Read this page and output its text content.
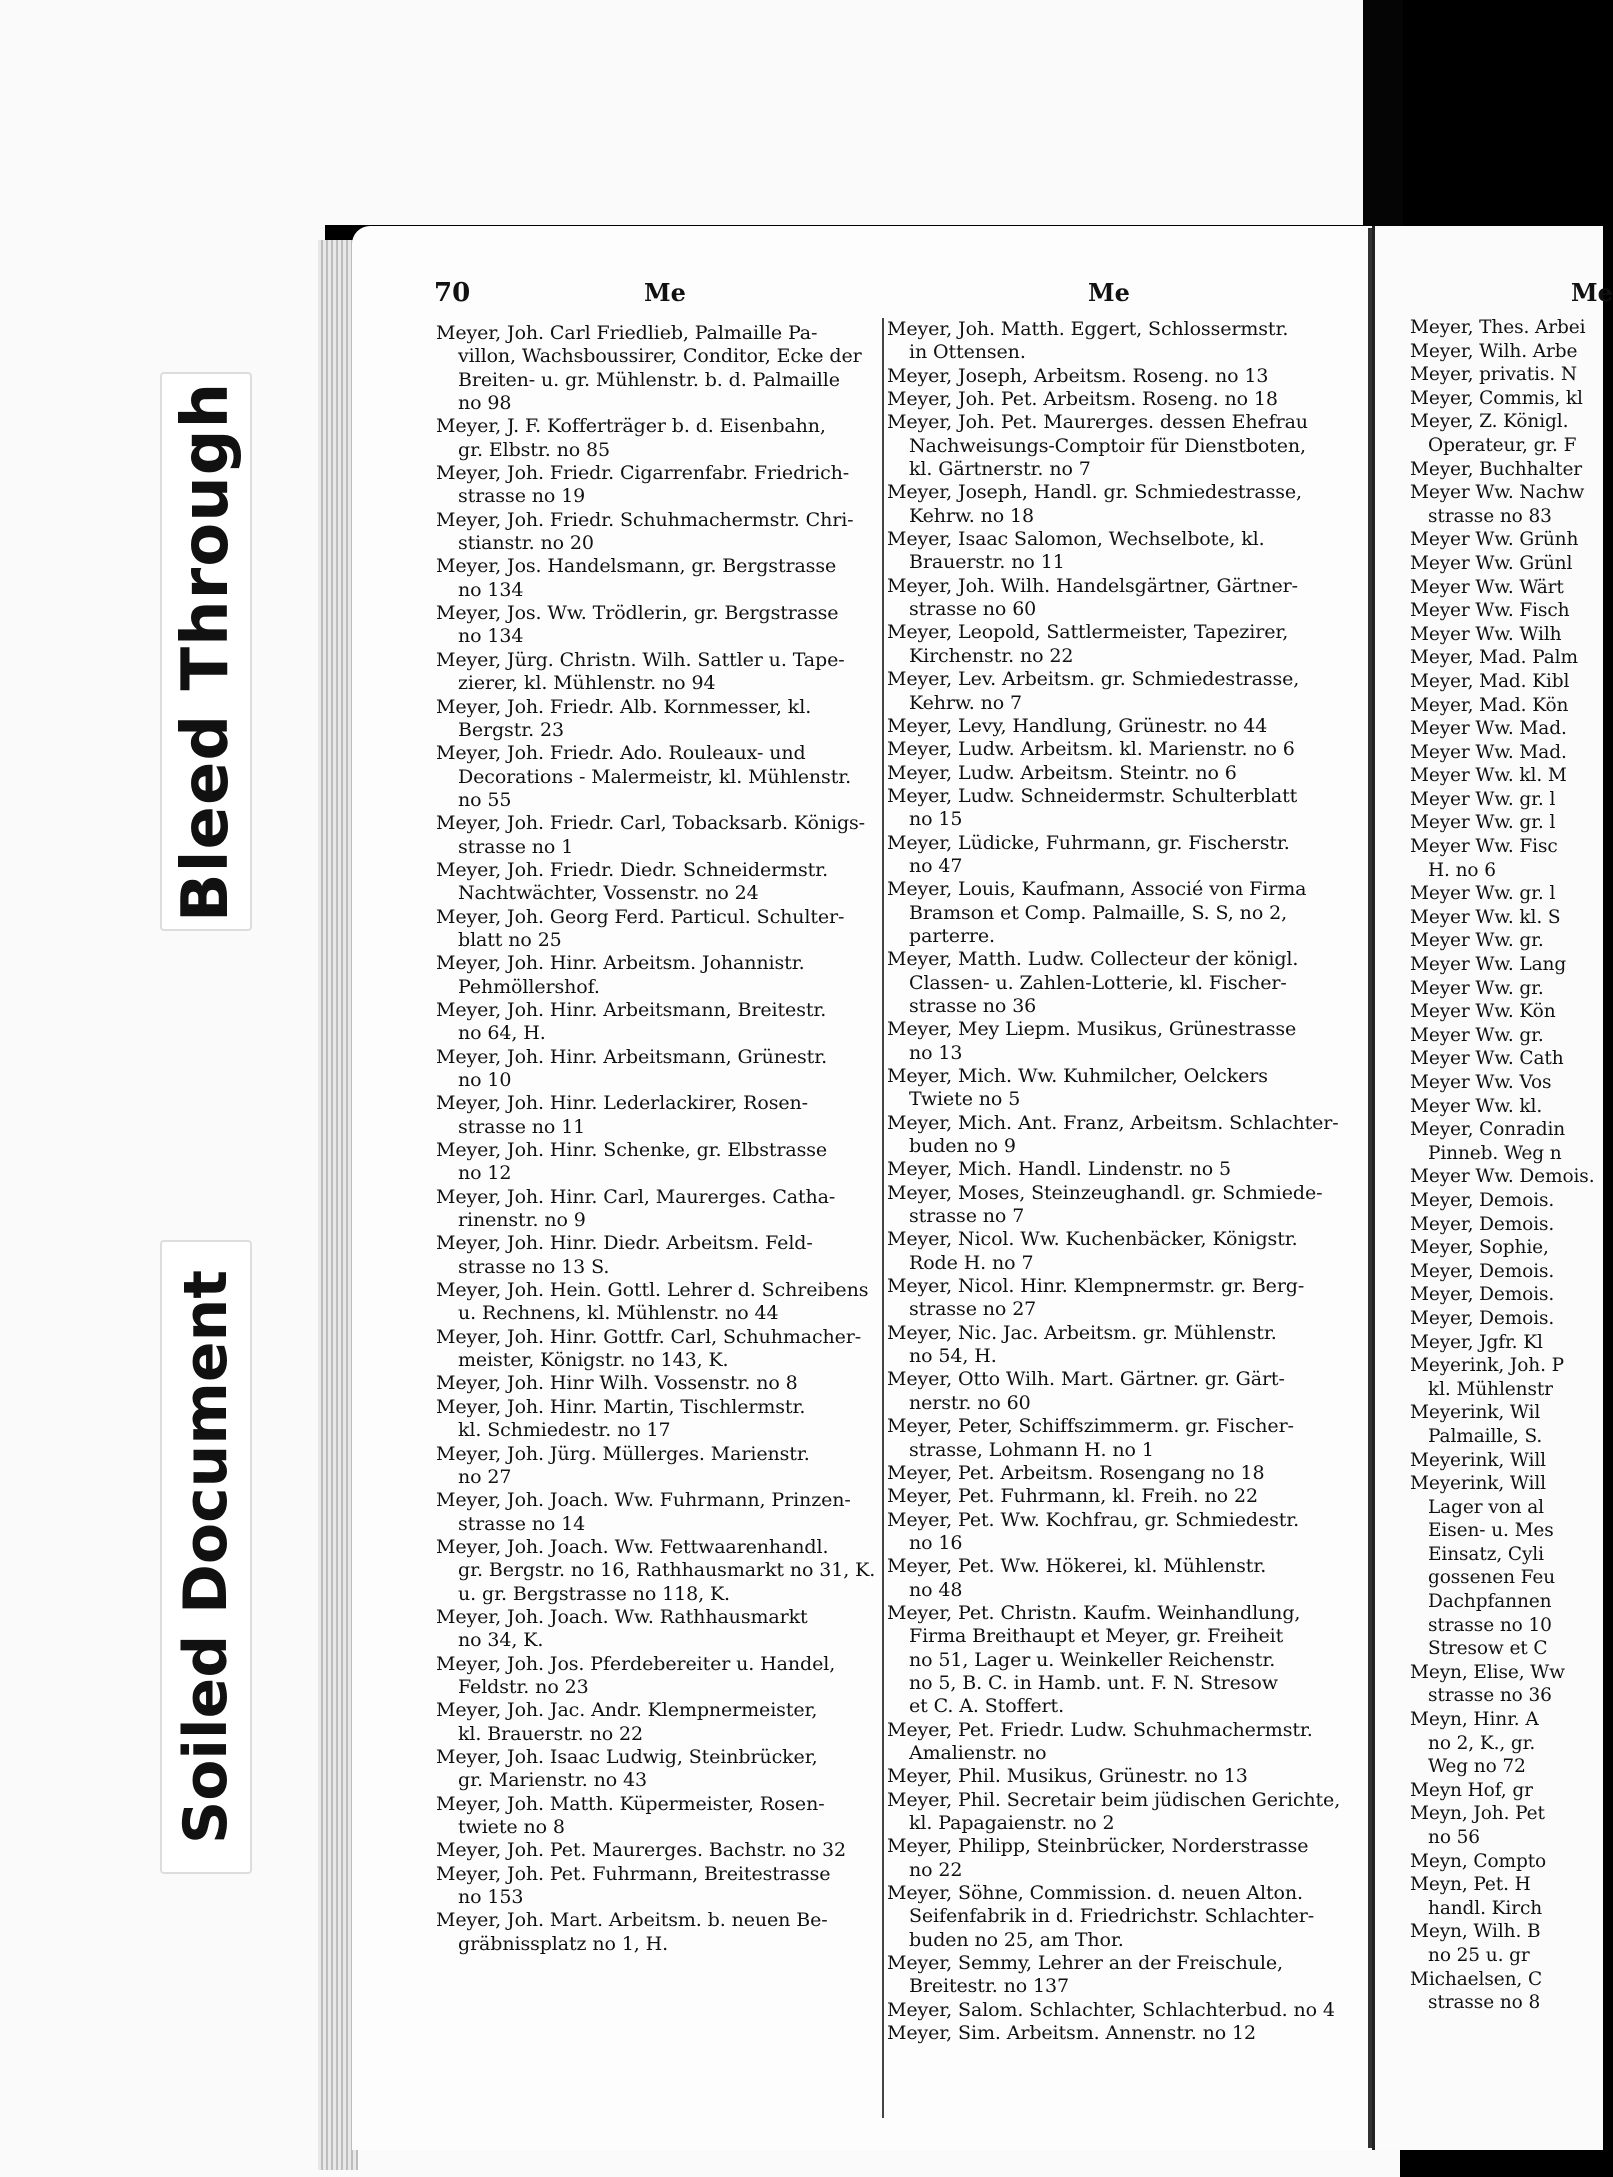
Bleed Through
Soiled Document
70	Me	Me	Me
Meyer, Joh. Carl Friedlieb, Palmaille Pa-
villon, Wachsboussirer, Conditor, Ecke der
Breiten- u. gr. Mühlenstr. b. d. Palmaille
no 98
Meyer, J. F. Kofferträger b. d. Eisenbahn,
gr. Elbstr. no 85
Meyer, Joh. Friedr. Cigarrenfabr. Friedrich-
strasse no 19
Meyer, Joh. Friedr. Schuhmachermstr. Chri-
stianstr. no 20
Meyer, Jos. Handelsmann, gr. Bergstrasse
no 134
Meyer, Jos. Ww. Trödlerin, gr. Bergstrasse
no 134
Meyer, Jürg. Christn. Wilh. Sattler u. Tape-
zierer, kl. Mühlenstr. no 94
Meyer, Joh. Friedr. Alb. Kornmesser, kl.
Bergstr. 23
Meyer, Joh. Friedr. Ado. Rouleaux- und
Decorations - Malermeistr, kl. Mühlenstr.
no 55
Meyer, Joh. Friedr. Carl, Tobacksarb. Königs-
strasse no 1
Meyer, Joh. Friedr. Diedr. Schneidermstr.
Nachtwächter, Vossenstr. no 24
Meyer, Joh. Georg Ferd. Particul. Schulter-
blatt no 25
Meyer, Joh. Hinr. Arbeitsm. Johannistr.
Pehmöllershof.
Meyer, Joh. Hinr. Arbeitsmann, Breitestr.
no 64, H.
Meyer, Joh. Hinr. Arbeitsmann, Grünestr.
no 10
Meyer, Joh. Hinr. Lederlackirer, Rosen-
strasse no 11
Meyer, Joh. Hinr. Schenke, gr. Elbstrasse
no 12
Meyer, Joh. Hinr. Carl, Maurerges. Catha-
rinenstr. no 9
Meyer, Joh. Hinr. Diedr. Arbeitsm. Feld-
strasse no 13 S.
Meyer, Joh. Hein. Gottl. Lehrer d. Schreibens
u. Rechnens, kl. Mühlenstr. no 44
Meyer, Joh. Hinr. Gottfr. Carl, Schuhmacher-
meister, Königstr. no 143, K.
Meyer, Joh. Hinr Wilh. Vossenstr. no 8
Meyer, Joh. Hinr. Martin, Tischlermstr.
kl. Schmiedestr. no 17
Meyer, Joh. Jürg. Müllerges. Marienstr.
no 27
Meyer, Joh. Joach. Ww. Fuhrmann, Prinzen-
strasse no 14
Meyer, Joh. Joach. Ww. Fettwaarenhandl.
gr. Bergstr. no 16, Rathhausmarkt no 31, K.
u. gr. Bergstrasse no 118, K.
Meyer, Joh. Joach. Ww. Rathhausmarkt
no 34, K.
Meyer, Joh. Jos. Pferdebereiter u. Handel,
Feldstr. no 23
Meyer, Joh. Jac. Andr. Klempnermeister,
kl. Brauerstr. no 22
Meyer, Joh. Isaac Ludwig, Steinbrücker,
gr. Marienstr. no 43
Meyer, Joh. Matth. Küpermeister, Rosen-
twiete no 8
Meyer, Joh. Pet. Maurerges. Bachstr. no 32
Meyer, Joh. Pet. Fuhrmann, Breitestrasse
no 153
Meyer, Joh. Mart. Arbeitsm. b. neuen Be-
gräbnissplatz no 1, H.
Meyer, Joh. Matth. Eggert, Schlossermstr.
in Ottensen.
Meyer, Joseph, Arbeitsm. Roseng. no 13
Meyer, Joh. Pet. Arbeitsm. Roseng. no 18
Meyer, Joh. Pet. Maurerges. dessen Ehefrau
Nachweisungs-Comptoir für Dienstboten,
kl. Gärtnerstr. no 7
Meyer, Joseph, Handl. gr. Schmiedestrasse,
Kehrw. no 18
Meyer, Isaac Salomon, Wechselbote, kl.
Brauerstr. no 11
Meyer, Joh. Wilh. Handelsgärtner, Gärtner-
strasse no 60
Meyer, Leopold, Sattlermeister, Tapezirer,
Kirchenstr. no 22
Meyer, Lev. Arbeitsm. gr. Schmiedestrasse,
Kehrw. no 7
Meyer, Levy, Handlung, Grünestr. no 44
Meyer, Ludw. Arbeitsm. kl. Marienstr. no 6
Meyer, Ludw. Arbeitsm. Steintr. no 6
Meyer, Ludw. Schneidermstr. Schulterblatt
no 15
Meyer, Lüdicke, Fuhrmann, gr. Fischerstr.
no 47
Meyer, Louis, Kaufmann, Associé von Firma
Bramson et Comp. Palmaille, S. S, no 2,
parterre.
Meyer, Matth. Ludw. Collecteur der königl.
Classen- u. Zahlen-Lotterie, kl. Fischer-
strasse no 36
Meyer, Mey Liepm. Musikus, Grünestrasse
no 13
Meyer, Mich. Ww. Kuhmilcher, Oelckers
Twiete no 5
Meyer, Mich. Ant. Franz, Arbeitsm. Schlachter-
buden no 9
Meyer, Mich. Handl. Lindenstr. no 5
Meyer, Moses, Steinzeughandl. gr. Schmiede-
strasse no 7
Meyer, Nicol. Ww. Kuchenbäcker, Königstr.
Rode H. no 7
Meyer, Nicol. Hinr. Klempnermstr. gr. Berg-
strasse no 27
Meyer, Nic. Jac. Arbeitsm. gr. Mühlenstr.
no 54, H.
Meyer, Otto Wilh. Mart. Gärtner. gr. Gärt-
nerstr. no 60
Meyer, Peter, Schiffszimmerm. gr. Fischer-
strasse, Lohmann H. no 1
Meyer, Pet. Arbeitsm. Rosengang no 18
Meyer, Pet. Fuhrmann, kl. Freih. no 22
Meyer, Pet. Ww. Kochfrau, gr. Schmiedestr.
no 16
Meyer, Pet. Ww. Hökerei, kl. Mühlenstr.
no 48
Meyer, Pet. Christn. Kaufm. Weinhandlung,
Firma Breithaupt et Meyer, gr. Freiheit
no 51, Lager u. Weinkeller Reichenstr.
no 5, B. C. in Hamb. unt. F. N. Stresow
et C. A. Stoffert.
Meyer, Pet. Friedr. Ludw. Schuhmachermstr.
Amalienstr. no
Meyer, Phil. Musikus, Grünestr. no 13
Meyer, Phil. Secretair beim jüdischen Gerichte,
kl. Papagaienstr. no 2
Meyer, Philipp, Steinbrücker, Norderstrasse
no 22
Meyer, Söhne, Commission. d. neuen Alton.
Seifenfabrik in d. Friedrichstr. Schlachter-
buden no 25, am Thor.
Meyer, Semmy, Lehrer an der Freischule,
Breitestr. no 137
Meyer, Salom. Schlachter, Schlachterbud. no 4
Meyer, Sim. Arbeitsm. Annenstr. no 12
Meyer, Thes. Arbei
Meyer, Wilh. Arbe
Meyer, privatis. N
Meyer, Commis, kl
Meyer, Z. Königl.
Operateur, gr. F
Meyer, Buchhalter
Meyer Ww. Nachw
strasse no 83
Meyer Ww. Grünh
Meyer Ww. Grünl
Meyer Ww. Wärt
Meyer Ww. Fisch
Meyer Ww. Wilh
Meyer, Mad. Palm
Meyer, Mad. Kibl
Meyer, Mad. Kön
Meyer Ww. Mad.
Meyer Ww. Mad.
Meyer Ww. kl. M
Meyer Ww. gr. l
Meyer Ww. gr. l
Meyer Ww. Fisc
H. no 6
Meyer Ww. gr. l
Meyer Ww. kl. S
Meyer Ww. gr.
Meyer Ww. Lang
Meyer Ww. gr.
Meyer Ww. Kön
Meyer Ww. gr.
Meyer Ww. Cath
Meyer Ww. Vos
Meyer Ww. kl.
Meyer, Conradin
Pinneb. Weg n
Meyer Ww. Demois.
Meyer, Demois.
Meyer, Demois.
Meyer, Sophie,
Meyer, Demois.
Meyer, Demois.
Meyer, Demois.
Meyer, Jgfr. Kl
Meyerink, Joh. P
kl. Mühlenstr
Meyerink, Wil
Palmaille, S.
Meyerink, Will
Meyerink, Will
Lager von al
Eisen- u. Mes
Einsatz, Cyli
gossenen Feu
Dachpfannen
strasse no 10
Stresow et C
Meyn, Elise, Ww
strasse no 36
Meyn, Hinr. A
no 2, K., gr.
Weg no 72
Meyn Hof, gr
Meyn, Joh. Pet
no 56
Meyn, Compto
Meyn, Pet. H
handl. Kirch
Meyn, Wilh. B
no 25 u. gr
Michaelsen, C
strasse no 8
